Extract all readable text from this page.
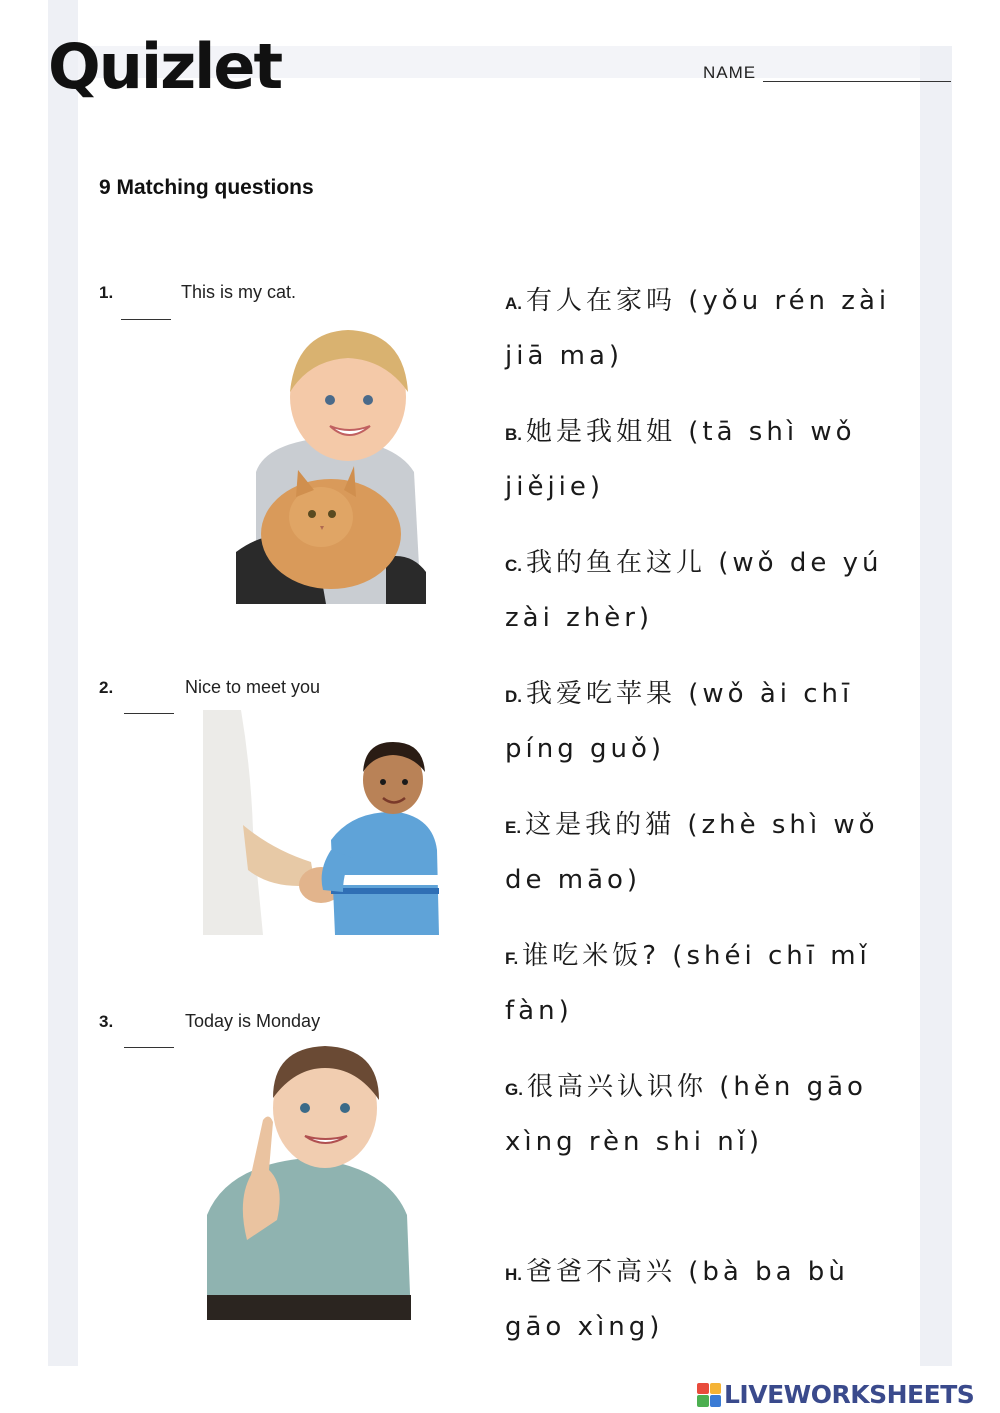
Quizlet	NAME
9 Matching questions
1.	This is my cat.
2.	Nice to meet you
3.	Today is Monday
A. 有人在家吗 (yǒu rén zài jiā ma)
B. 她是我姐姐 (tā shì wǒ jiějie)
C. 我的鱼在这儿 (wǒ de yú zài zhèr)
D. 我爱吃苹果 (wǒ ài chī píng guǒ)
E. 这是我的猫 (zhè shì wǒ de māo)
F. 谁吃米饭? (shéi chī mǐ fàn)
G. 很高兴认识你 (hěn gāo xìng rèn shi nǐ)
H. 爸爸不高兴 (bà ba bù gāo xìng)
LIVEWORKSHEETS
